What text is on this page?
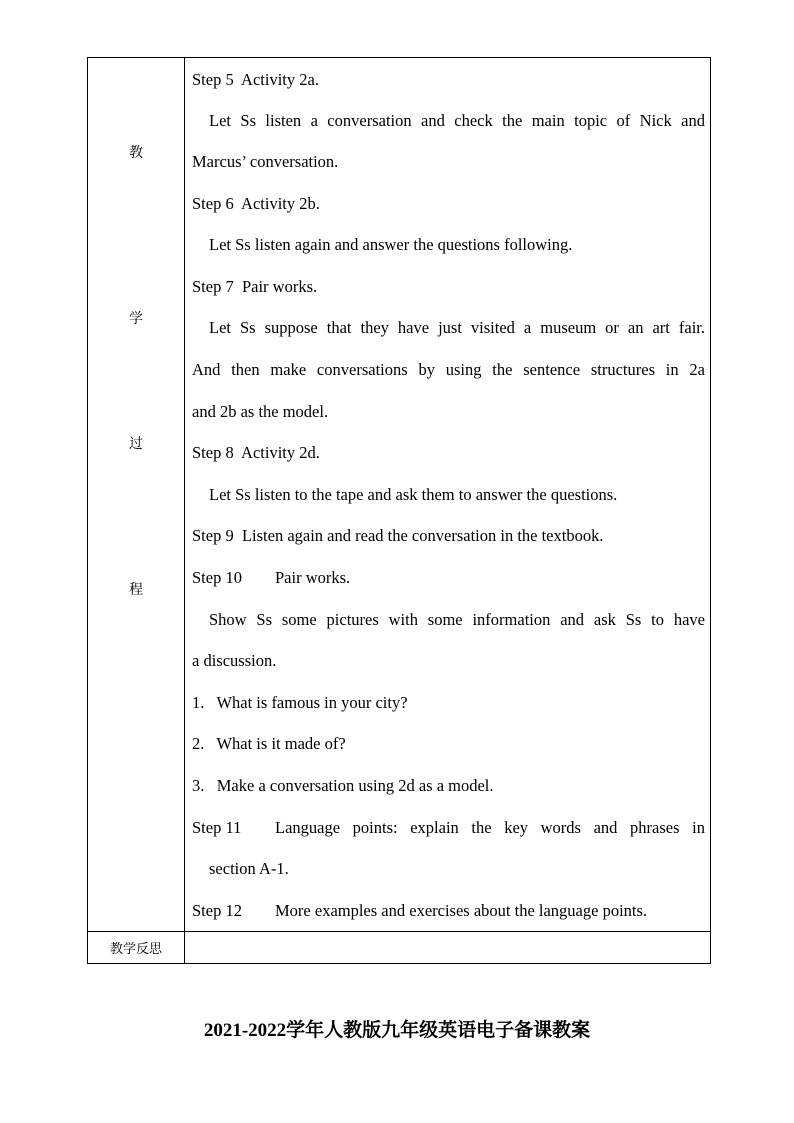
教
学
过
程
教学反思
Step 5  Activity 2a.
Let Ss listen a conversation and check the main topic of Nick and
Marcus’ conversation.
Step 6  Activity 2b.
Let Ss listen again and answer the questions following.
Step 7  Pair works.
Let Ss suppose that they have just visited a museum or an art fair.
And then make conversations by using the sentence structures in 2a
and 2b as the model.
Step 8  Activity 2d.
Let Ss listen to the tape and ask them to answer the questions.
Step 9  Listen again and read the conversation in the textbook.
Step 10 Pair works.
Show Ss some pictures with some information and ask Ss to have
a discussion.
1.   What is famous in your city?
2.   What is it made of?
3.   Make a conversation using 2d as a model.
Step 11 Language points: explain the key words and phrases in
section A-1.
Step 12 More examples and exercises about the language points.
2021-2022学年人教版九年级英语电子备课教案
